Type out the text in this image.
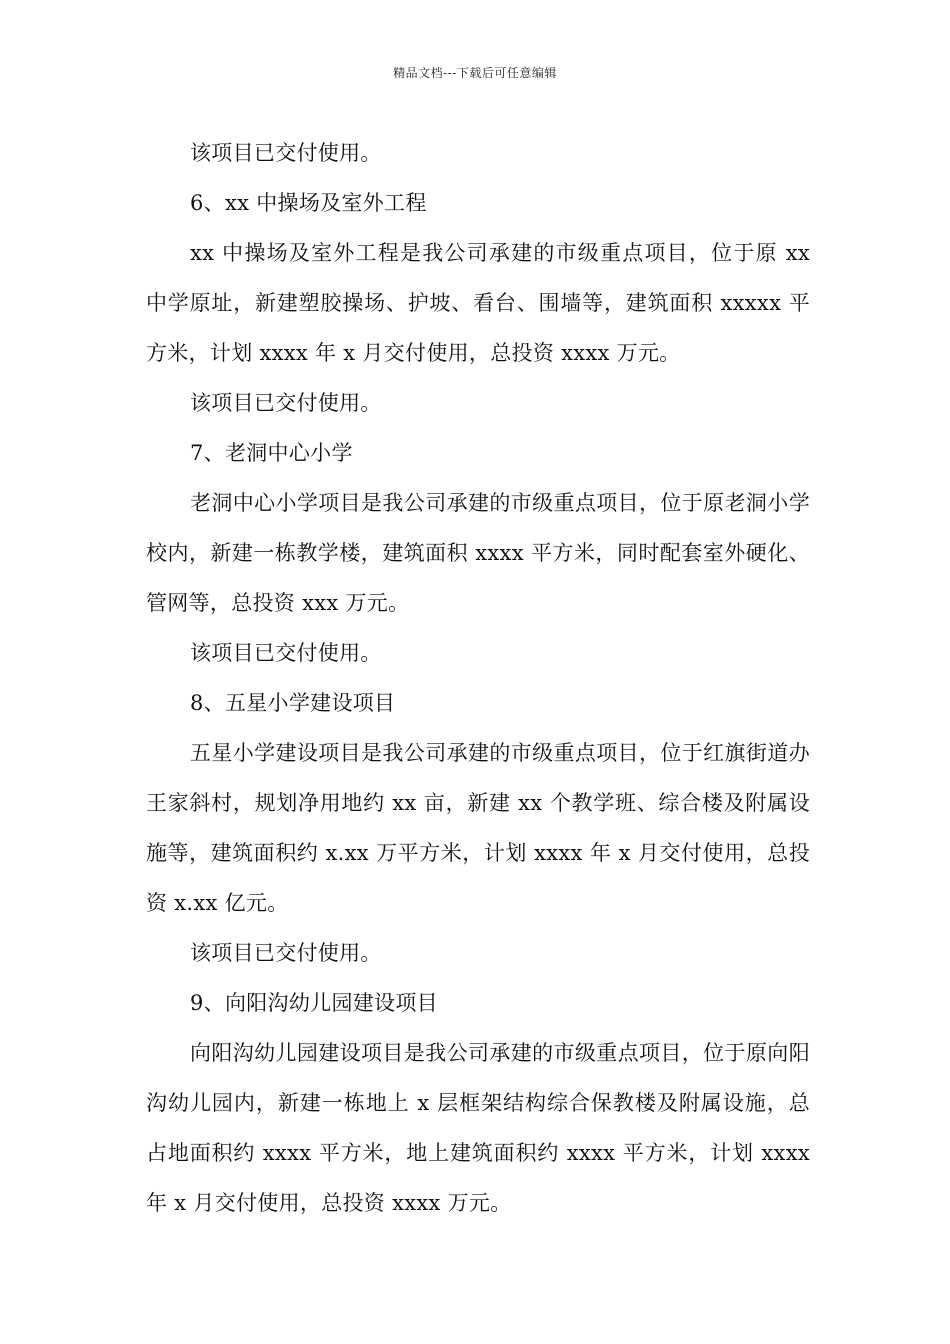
精品文档---下载后可任意编辑

该项目已交付使用。

6、xx 中操场及室外工程

xx 中操场及室外工程是我公司承建的市级重点项目，位于原 xx 中学原址，新建塑胶操场、护坡、看台、围墙等，建筑面积 xxxxx 平方米，计划 xxxx 年 x 月交付使用，总投资 xxxx 万元。

该项目已交付使用。

7、老洞中心小学

老洞中心小学项目是我公司承建的市级重点项目，位于原老洞小学校内，新建一栋教学楼，建筑面积 xxxx 平方米，同时配套室外硬化、管网等，总投资 xxx 万元。

该项目已交付使用。

8、五星小学建设项目

五星小学建设项目是我公司承建的市级重点项目，位于红旗街道办王家斜村，规划净用地约 xx 亩，新建 xx 个教学班、综合楼及附属设施等，建筑面积约 x.xx 万平方米，计划 xxxx 年 x 月交付使用，总投资 x.xx 亿元。

该项目已交付使用。

9、向阳沟幼儿园建设项目

向阳沟幼儿园建设项目是我公司承建的市级重点项目，位于原向阳沟幼儿园内，新建一栋地上 x 层框架结构综合保教楼及附属设施，总占地面积约 xxxx 平方米，地上建筑面积约 xxxx 平方米，计划 xxxx 年 x 月交付使用，总投资 xxxx 万元。
